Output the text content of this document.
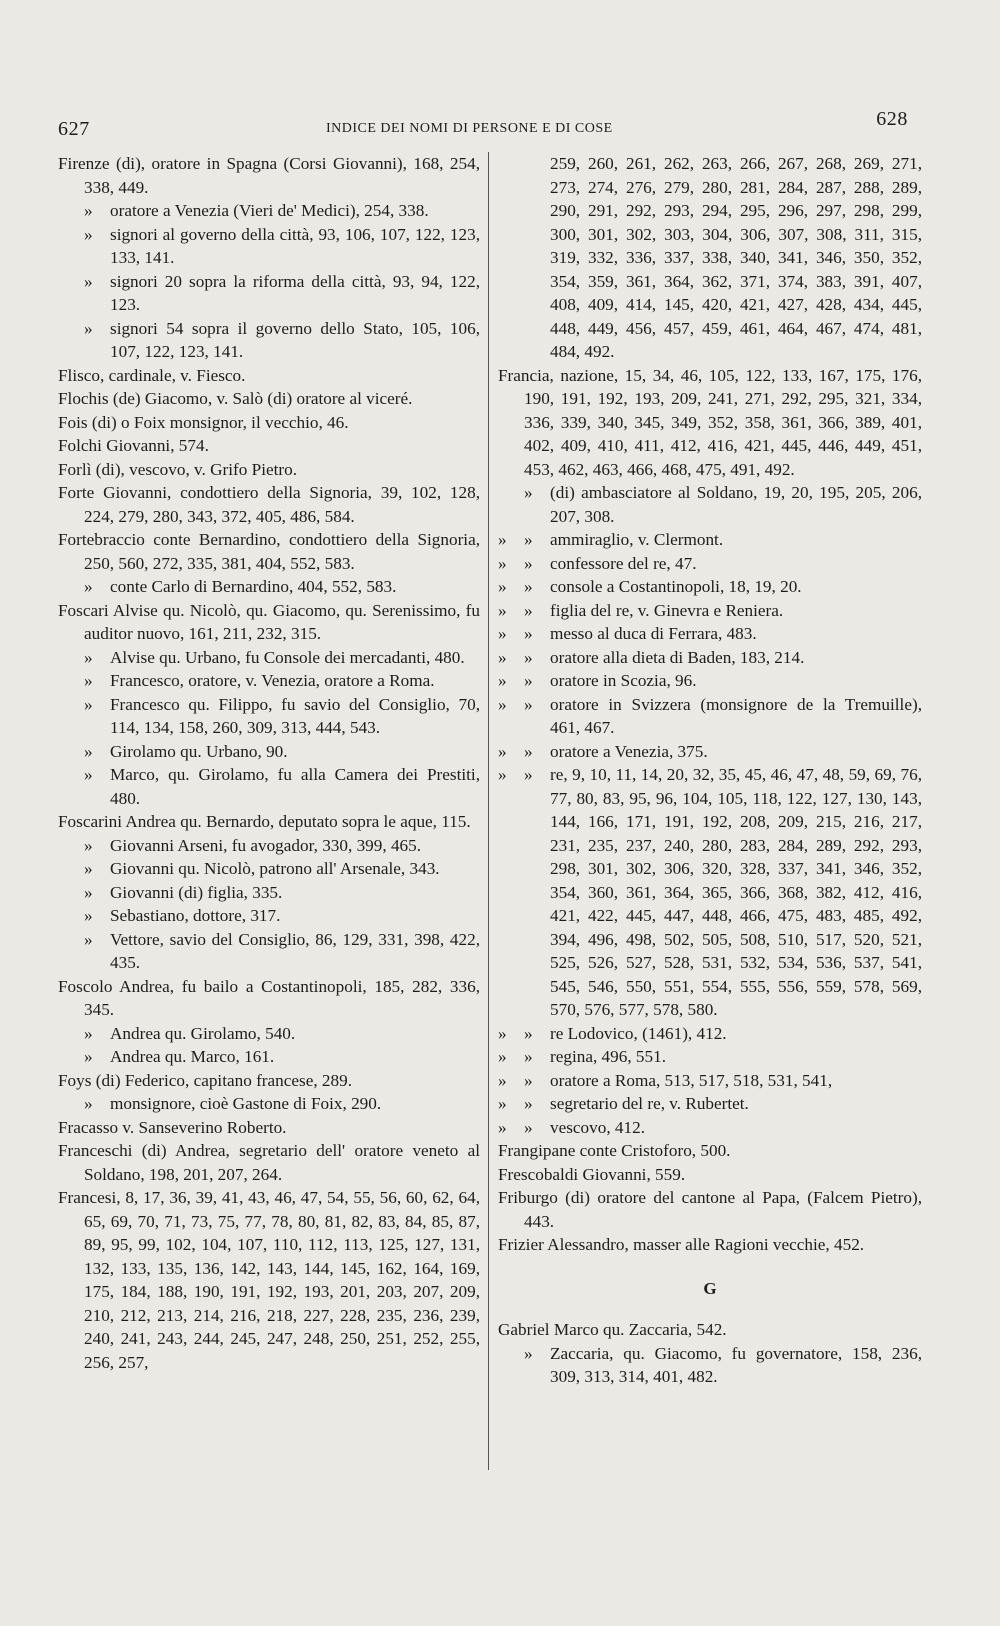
627	INDICE DEI NOMI DI PERSONE E DI COSE	628

Firenze (di), oratore in Spagna (Corsi Giovanni), 168, 254, 338, 449.

» oratore a Venezia (Vieri de' Medici), 254, 338.

» signori al governo della città, 93, 106, 107, 122, 123, 133, 141.

» signori 20 sopra la riforma della città, 93, 94, 122, 123.

» signori 54 sopra il governo dello Stato, 105, 106, 107, 122, 123, 141.

Flisco, cardinale, v. Fiesco.

Flochis (de) Giacomo, v. Salò (di) oratore al viceré.

Fois (di) o Foix monsignor, il vecchio, 46.

Folchi Giovanni, 574.

Forlì (di), vescovo, v. Grifo Pietro.

Forte Giovanni, condottiero della Signoria, 39, 102, 128, 224, 279, 280, 343, 372, 405, 486, 584.

Fortebraccio conte Bernardino, condottiero della Signoria, 250, 560, 272, 335, 381, 404, 552, 583.

» conte Carlo di Bernardino, 404, 552, 583.

Foscari Alvise qu. Nicolò, qu. Giacomo, qu. Serenissimo, fu auditor nuovo, 161, 211, 232, 315.

» Alvise qu. Urbano, fu Console dei mercadanti, 480.

» Francesco, oratore, v. Venezia, oratore a Roma.

» Francesco qu. Filippo, fu savio del Consiglio, 70, 114, 134, 158, 260, 309, 313, 444, 543.

» Girolamo qu. Urbano, 90.

» Marco, qu. Girolamo, fu alla Camera dei Prestiti, 480.

Foscarini Andrea qu. Bernardo, deputato sopra le aque, 115.

» Giovanni Arseni, fu avogador, 330, 399, 465.

» Giovanni qu. Nicolò, patrono all' Arsenale, 343.

» Giovanni (di) figlia, 335.

» Sebastiano, dottore, 317.

» Vettore, savio del Consiglio, 86, 129, 331, 398, 422, 435.

Foscolo Andrea, fu bailo a Costantinopoli, 185, 282, 336, 345.

» Andrea qu. Girolamo, 540.

» Andrea qu. Marco, 161.

Foys (di) Federico, capitano francese, 289.

» monsignore, cioè Gastone di Foix, 290.

Fracasso v. Sanseverino Roberto.

Franceschi (di) Andrea, segretario dell' oratore veneto al Soldano, 198, 201, 207, 264.

Francesi, 8, 17, 36, 39, 41, 43, 46, 47, 54, 55, 56, 60, 62, 64, 65, 69, 70, 71, 73, 75, 77, 78, 80, 81, 82, 83, 84, 85, 87, 89, 95, 99, 102, 104, 107, 110, 112, 113, 125, 127, 131, 132, 133, 135, 136, 142, 143, 144, 145, 162, 164, 169, 175, 184, 188, 190, 191, 192, 193, 201, 203, 207, 209, 210, 212, 213, 214, 216, 218, 227, 228, 235, 236, 239, 240, 241, 243, 244, 245, 247, 248, 250, 251, 252, 255, 256, 257,

259, 260, 261, 262, 263, 266, 267, 268, 269, 271, 273, 274, 276, 279, 280, 281, 284, 287, 288, 289, 290, 291, 292, 293, 294, 295, 296, 297, 298, 299, 300, 301, 302, 303, 304, 306, 307, 308, 311, 315, 319, 332, 336, 337, 338, 340, 341, 346, 350, 352, 354, 359, 361, 364, 362, 371, 374, 383, 391, 407, 408, 409, 414, 145, 420, 421, 427, 428, 434, 445, 448, 449, 456, 457, 459, 461, 464, 467, 474, 481, 484, 492.

Francia, nazione, 15, 34, 46, 105, 122, 133, 167, 175, 176, 190, 191, 192, 193, 209, 241, 271, 292, 295, 321, 334, 336, 339, 340, 345, 349, 352, 358, 361, 366, 389, 401, 402, 409, 410, 411, 412, 416, 421, 445, 446, 449, 451, 453, 462, 463, 466, 468, 475, 491, 492.

» (di) ambasciatore al Soldano, 19, 20, 195, 205, 206, 207, 308.

» » ammiraglio, v. Clermont.

» » confessore del re, 47.

» » console a Costantinopoli, 18, 19, 20.

» » figlia del re, v. Ginevra e Reniera.

» » messo al duca di Ferrara, 483.

» » oratore alla dieta di Baden, 183, 214.

» » oratore in Scozia, 96.

» » oratore in Svizzera (monsignore de la Tremuille), 461, 467.

» » oratore a Venezia, 375.

» » re, 9, 10, 11, 14, 20, 32, 35, 45, 46, 47, 48, 59, 69, 76, 77, 80, 83, 95, 96, 104, 105, 118, 122, 127, 130, 143, 144, 166, 171, 191, 192, 208, 209, 215, 216, 217, 231, 235, 237, 240, 280, 283, 284, 289, 292, 293, 298, 301, 302, 306, 320, 328, 337, 341, 346, 352, 354, 360, 361, 364, 365, 366, 368, 382, 412, 416, 421, 422, 445, 447, 448, 466, 475, 483, 485, 492, 394, 496, 498, 502, 505, 508, 510, 517, 520, 521, 525, 526, 527, 528, 531, 532, 534, 536, 537, 541, 545, 546, 550, 551, 554, 555, 556, 559, 578, 569, 570, 576, 577, 578, 580.

» » re Lodovico, (1461), 412.

» » regina, 496, 551.

» » oratore a Roma, 513, 517, 518, 531, 541,

» » segretario del re, v. Rubertet.

» » vescovo, 412.

Frangipane conte Cristoforo, 500.

Frescobaldi Giovanni, 559.

Friburgo (di) oratore del cantone al Papa, (Falcem Pietro), 443.

Frizier Alessandro, masser alle Ragioni vecchie, 452.

G

Gabriel Marco qu. Zaccaria, 542.

» Zaccaria, qu. Giacomo, fu governatore, 158, 236, 309, 313, 314, 401, 482.
